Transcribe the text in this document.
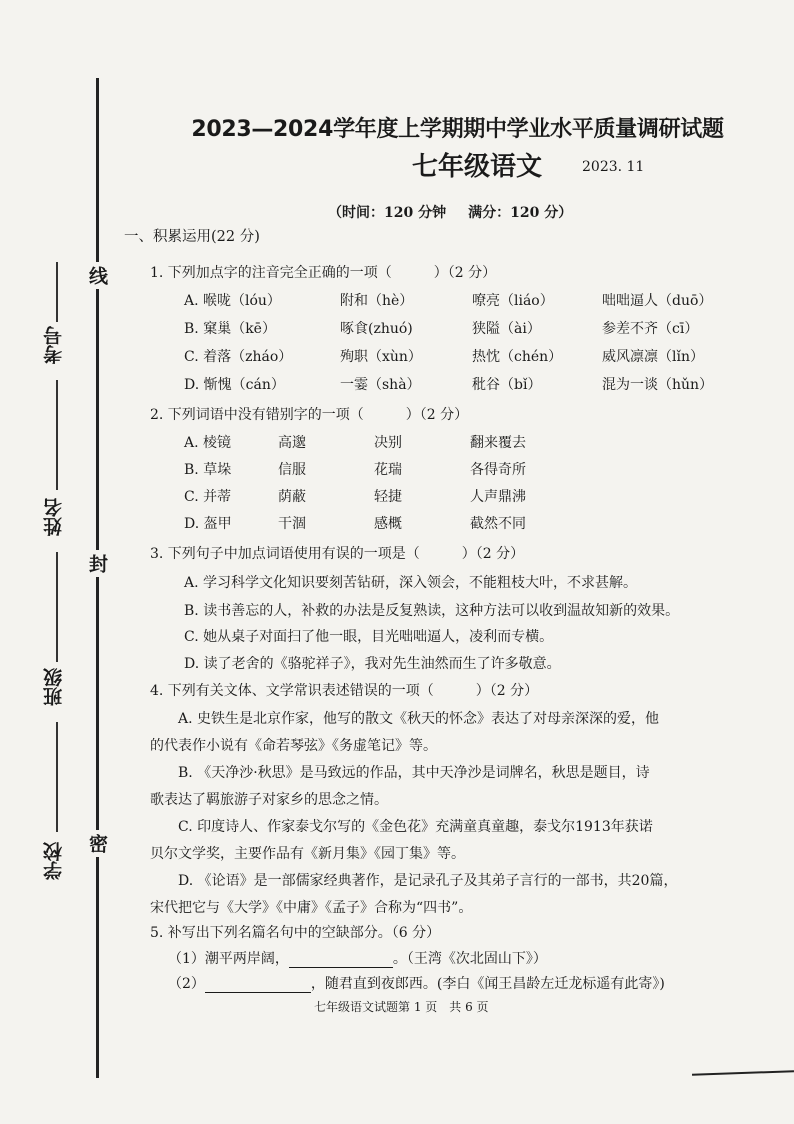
线
封
密
考号
姓名
班级
学校
2023—2024学年度上学期期中学业水平质量调研试题
七年级语文	2023. 11
（时间：120 分钟 满分：120 分）
一、积累运用(22 分)
1. 下列加点字的注音完全正确的一项（　　　）（2 分）
A. 喉咙（lóu）	附和（hè）	嘹亮（liáo）	咄咄逼人（duō）
B. 窠巢（kē）	啄食(zhuó)	狭隘（ài）	参差不齐（cī）
C. 着落（zháo）	殉职（xùn）	热忱（chén）	威风凛凛（lǐn）
D. 惭愧（cán）	一霎（shà）	秕谷（bǐ）	混为一谈（hǔn）
2. 下列词语中没有错别字的一项（　　　）（2 分）
A. 棱镜	高邈	决别	翻来覆去
B. 草垛	信服	花瑞	各得奇所
C. 并蒂	荫蔽	轻捷	人声鼎沸
D. 盔甲	干涸	感概	截然不同
3. 下列句子中加点词语使用有误的一项是（　　　）（2 分）
A. 学习科学文化知识要刻苦钻研，深入领会，不能粗枝大叶，不求甚解。
B. 读书善忘的人，补救的办法是反复熟读，这种方法可以收到温故知新的效果。
C. 她从桌子对面扫了他一眼，目光咄咄逼人，凌利而专横。
D. 读了老舍的《骆驼祥子》，我对先生油然而生了许多敬意。
4. 下列有关文体、文学常识表述错误的一项（　　　）（2 分）
A. 史铁生是北京作家，他写的散文《秋天的怀念》表达了对母亲深深的爱，他
的代表作小说有《命若琴弦》《务虚笔记》等。
B. 《天净沙·秋思》是马致远的作品，其中天净沙是词牌名，秋思是题目，诗
歌表达了羁旅游子对家乡的思念之情。
C. 印度诗人、作家泰戈尔写的《金色花》充满童真童趣，泰戈尔1913年获诺
贝尔文学奖，主要作品有《新月集》《园丁集》等。
D. 《论语》是一部儒家经典著作，是记录孔子及其弟子言行的一部书，共20篇，
宋代把它与《大学》《中庸》《孟子》合称为“四书”。
5. 补写出下列名篇名句中的空缺部分。（6 分）
（1）潮平两岸阔，	。（王湾《次北固山下》）
（2）	，随君直到夜郎西。(李白《闻王昌龄左迁龙标遥有此寄》)
七年级语文试题第 1 页　共 6 页
